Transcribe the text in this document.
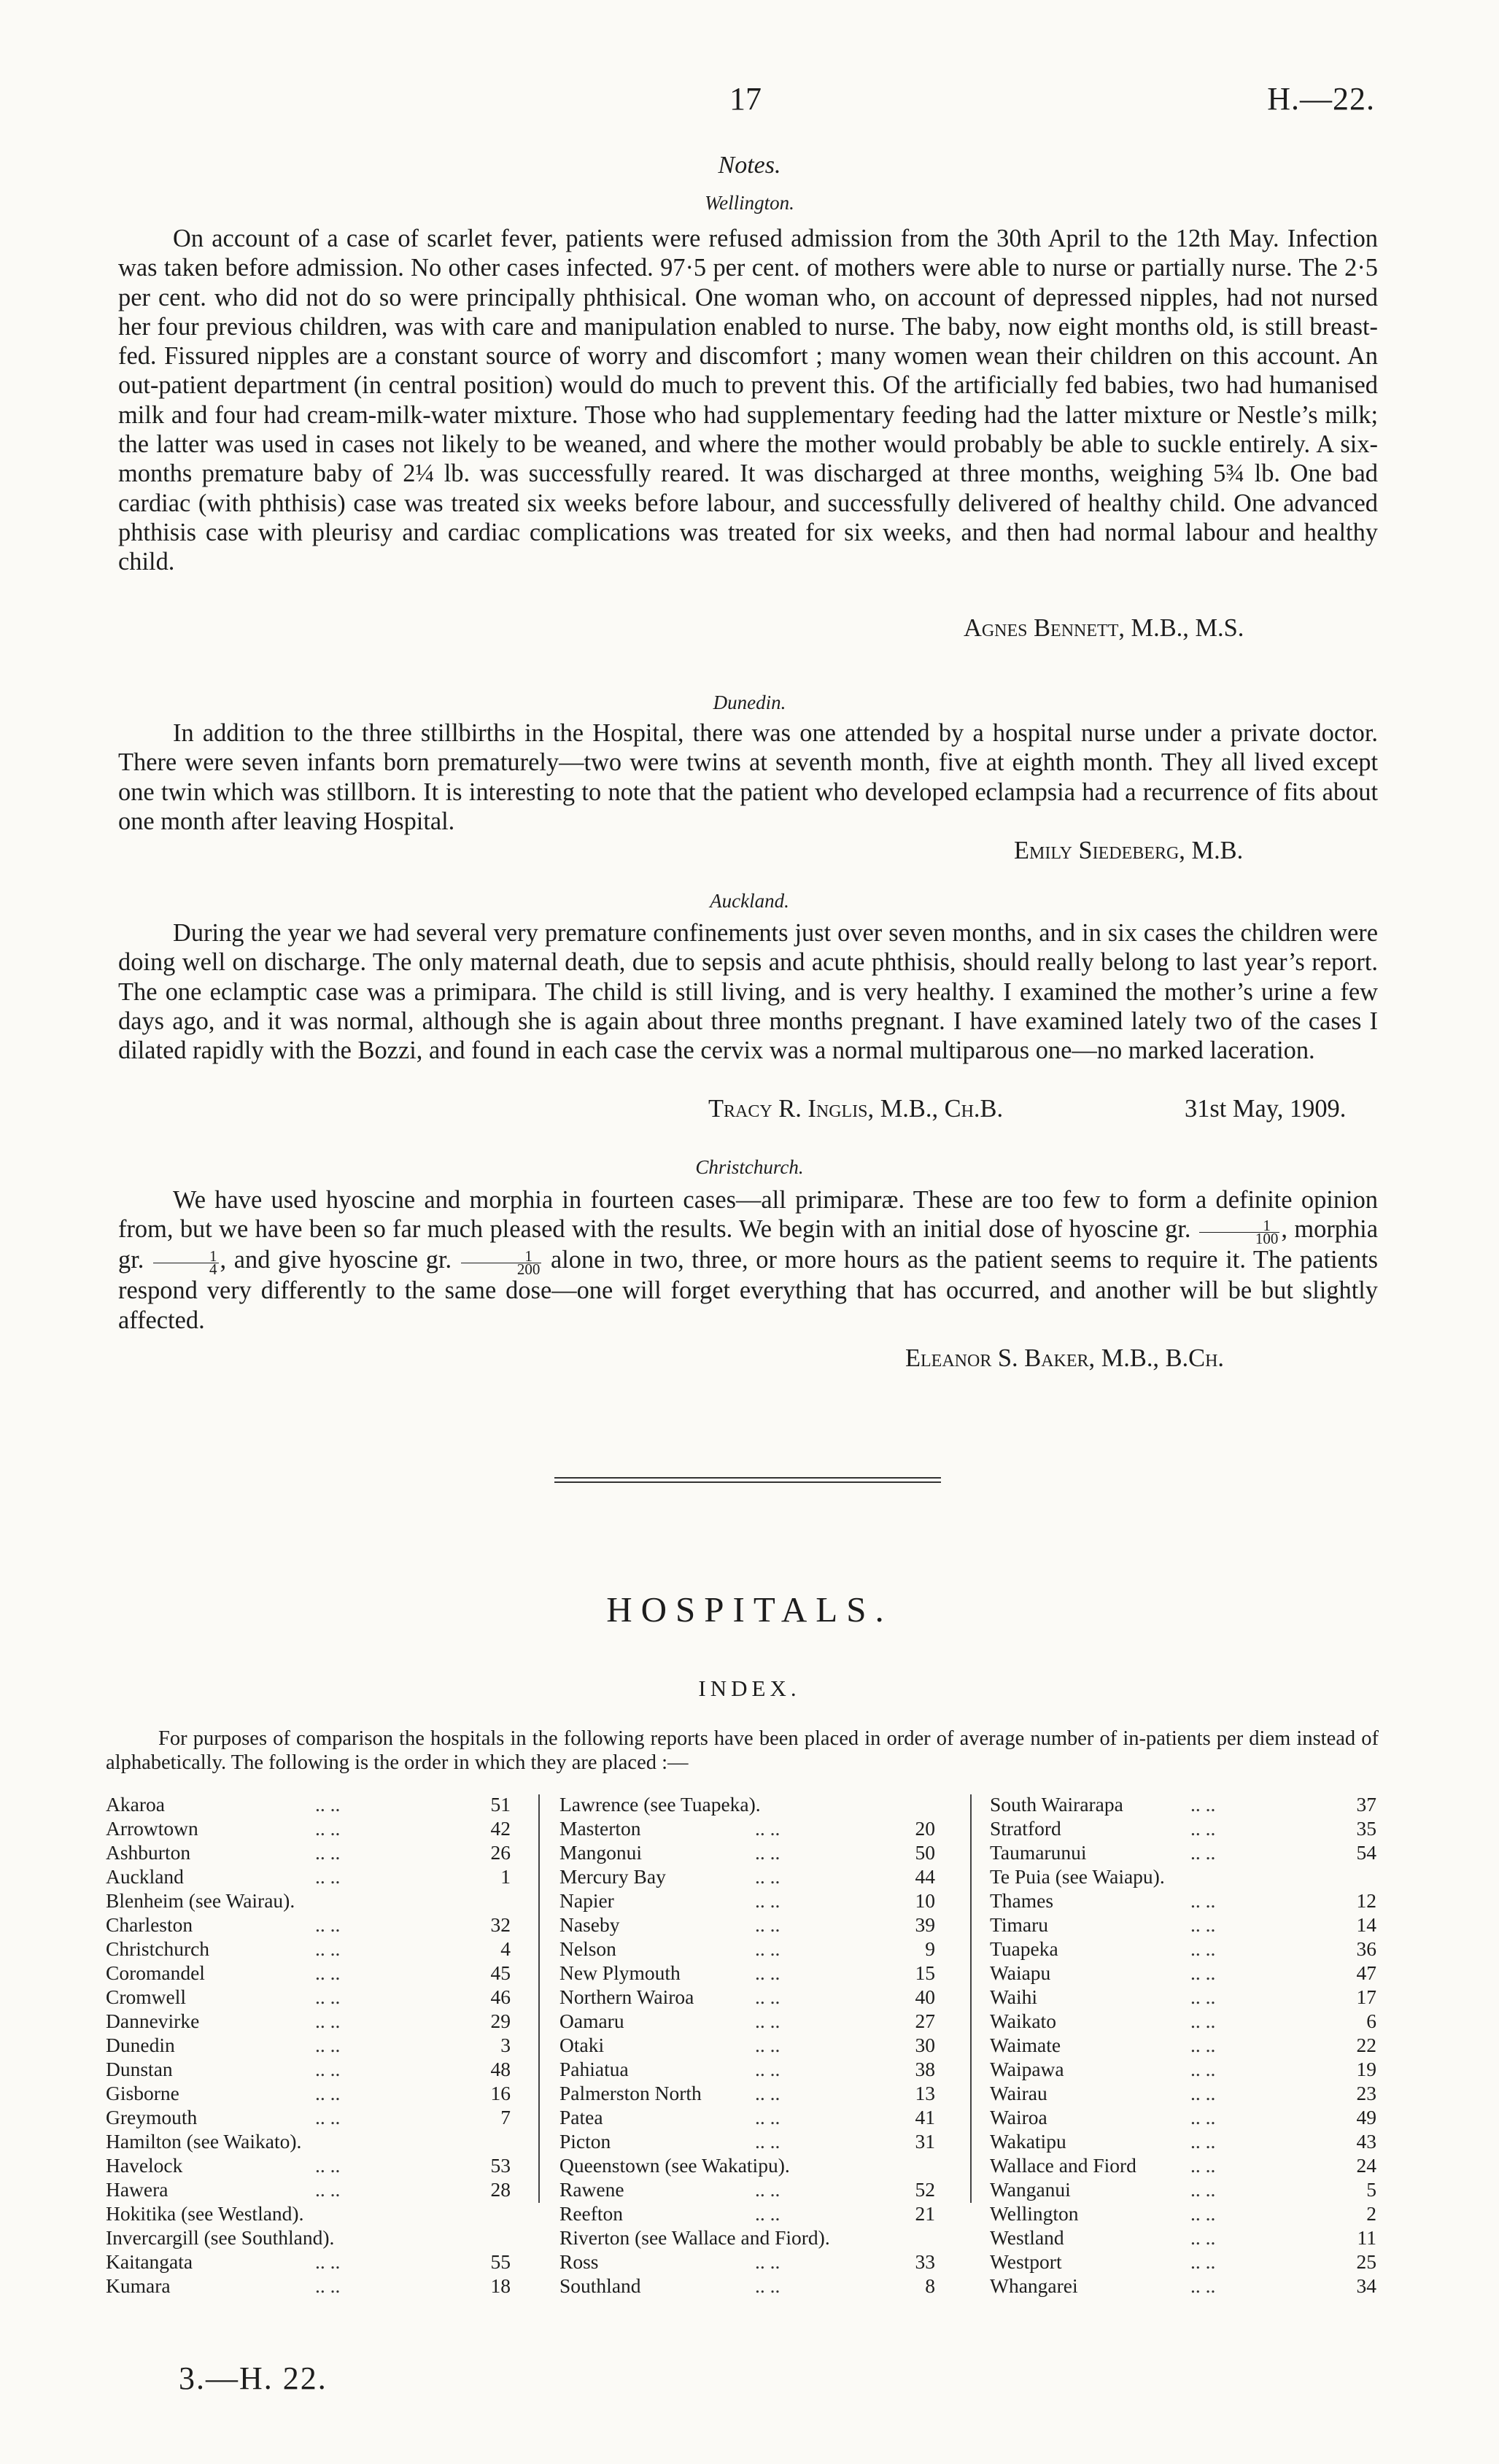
17	H.—22.
Notes.
Wellington.

On account of a case of scarlet fever, patients were refused admission from the 30th April to the 12th May. Infection was taken before admission. No other cases infected. 97·5 per cent. of mothers were able to nurse or partially nurse. The 2·5 per cent. who did not do so were principally phthisical. One woman who, on account of depressed nipples, had not nursed her four previous children, was with care and manipulation enabled to nurse. The baby, now eight months old, is still breast-fed. Fissured nipples are a constant source of worry and discomfort ; many women wean their children on this account. An out-patient department (in central position) would do much to prevent this. Of the artificially fed babies, two had humanised milk and four had cream-milk-water mixture. Those who had supplementary feeding had the latter mixture or Nestle’s milk; the latter was used in cases not likely to be weaned, and where the mother would probably be able to suckle entirely. A six-months premature baby of 2¼ lb. was successfully reared. It was discharged at three months, weighing 5¾ lb. One bad cardiac (with phthisis) case was treated six weeks before labour, and successfully delivered of healthy child. One advanced phthisis case with pleurisy and cardiac complications was treated for six weeks, and then had normal labour and healthy child.

Agnes Bennett, M.B., M.S.
Dunedin.

In addition to the three stillbirths in the Hospital, there was one attended by a hospital nurse under a private doctor. There were seven infants born prematurely—two were twins at seventh month, five at eighth month. They all lived except one twin which was stillborn. It is interesting to note that the patient who developed eclampsia had a recurrence of fits about one month after leaving Hospital.

Emily Siedeberg, M.B.
Auckland.

During the year we had several very premature confinements just over seven months, and in six cases the children were doing well on discharge. The only maternal death, due to sepsis and acute phthisis, should really belong to last year’s report. The one eclamptic case was a primipara. The child is still living, and is very healthy. I examined the mother’s urine a few days ago, and it was normal, although she is again about three months pregnant. I have examined lately two of the cases I dilated rapidly with the Bozzi, and found in each case the cervix was a normal multiparous one—no marked laceration.

Tracy R. Inglis, M.B., Ch.B.	31st May, 1909.
Christchurch.

We have used hyoscine and morphia in fourteen cases—all primiparæ. These are too few to form a definite opinion from, but we have been so far much pleased with the results. We begin with an initial dose of hyoscine gr. $\frac{1}{100}$ , morphia gr. $\frac{1}{4}$ , and give hyoscine gr. $\frac{1}{200}$ alone in two, three, or more hours as the patient seems to require it. The patients respond very differently to the same dose—one will forget everything that has occurred, and another will be but slightly affected.

Eleanor S. Baker, M.B., B.Ch.
HOSPITALS.
INDEX.

For purposes of comparison the hospitals in the following reports have been placed in order of average number of in-patients per diem instead of alphabetically. The following is the order in which they are placed :—

Akaroa	.. ..	51
Arrowtown	.. ..	42
Ashburton	.. ..	26
Auckland	.. ..	1
Blenheim (see Wairau).
Charleston	.. ..	32
Christchurch	.. ..	4
Coromandel	.. ..	45
Cromwell	.. ..	46
Dannevirke	.. ..	29
Dunedin	.. ..	3
Dunstan	.. ..	48
Gisborne	.. ..	16
Greymouth	.. ..	7
Hamilton (see Waikato).
Havelock	.. ..	53
Hawera	.. ..	28
Hokitika (see Westland).
Invercargill (see Southland).
Kaitangata	.. ..	55
Kumara	.. ..	18
Lawrence (see Tuapeka).
Masterton	.. ..	20
Mangonui	.. ..	50
Mercury Bay	.. ..	44
Napier	.. ..	10
Naseby	.. ..	39
Nelson	.. ..	9
New Plymouth	.. ..	15
Northern Wairoa	.. ..	40
Oamaru	.. ..	27
Otaki	.. ..	30
Pahiatua	.. ..	38
Palmerston North	.. ..	13
Patea	.. ..	41
Picton	.. ..	31
Queenstown (see Wakatipu).
Rawene	.. ..	52
Reefton	.. ..	21
Riverton (see Wallace and Fiord).
Ross	.. ..	33
Southland	.. ..	8
South Wairarapa	.. ..	37
Stratford	.. ..	35
Taumarunui	.. ..	54
Te Puia (see Waiapu).
Thames	.. ..	12
Timaru	.. ..	14
Tuapeka	.. ..	36
Waiapu	.. ..	47
Waihi	.. ..	17
Waikato	.. ..	6
Waimate	.. ..	22
Waipawa	.. ..	19
Wairau	.. ..	23
Wairoa	.. ..	49
Wakatipu	.. ..	43
Wallace and Fiord	.. ..	24
Wanganui	.. ..	5
Wellington	.. ..	2
Westland	.. ..	11
Westport	.. ..	25
Whangarei	.. ..	34
3.—H. 22.
